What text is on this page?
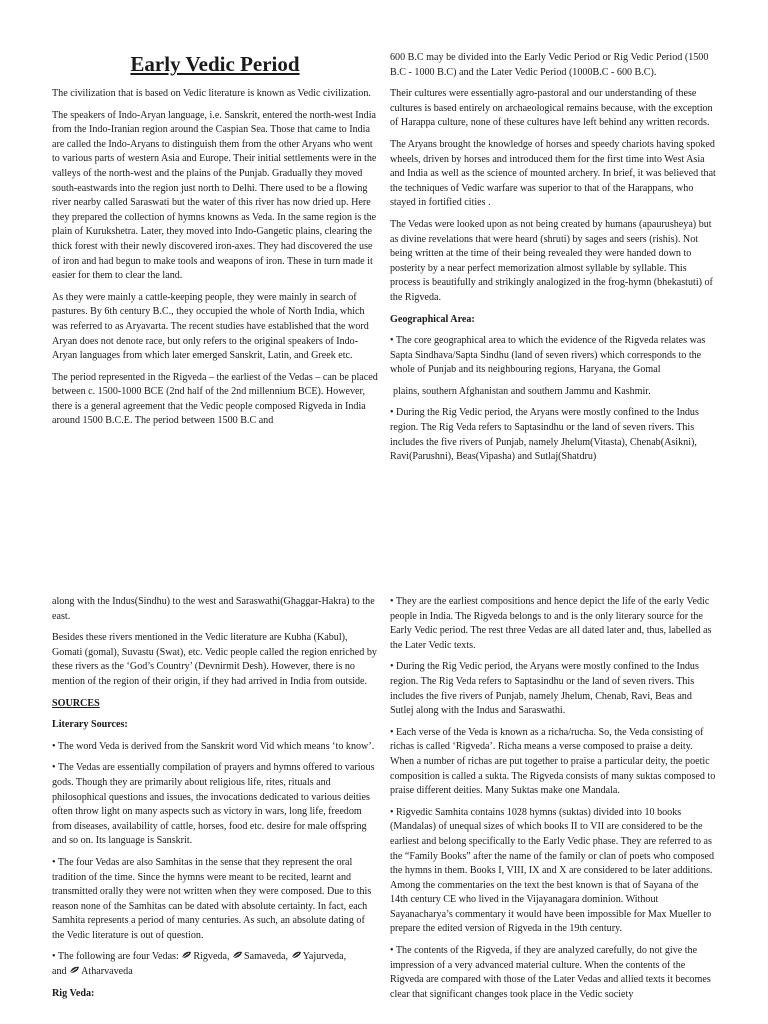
Early Vedic Period

The civilization that is based on Vedic literature is known as Vedic civilization.

The speakers of Indo-Aryan language, i.e. Sanskrit, entered the north-west India from the Indo-Iranian region around the Caspian Sea. Those that came to India are called the Indo-Aryans to distinguish them from the other Aryans who went to various parts of western Asia and Europe. Their initial settlements were in the valleys of the north-west and the plains of the Punjab. Gradually they moved south-eastwards into the region just north to Delhi. There used to be a flowing river nearby called Saraswati but the water of this river has now dried up. Here they prepared the collection of hymns knowns as Veda. In the same region is the plain of Kurukshetra. Later, they moved into Indo-Gangetic plains, clearing the thick forest with their newly discovered iron-axes. They had discovered the use of iron and had begun to make tools and weapons of iron. These in turn made it easier for them to clear the land.

As they were mainly a cattle-keeping people, they were mainly in search of pastures. By 6th century B.C., they occupied the whole of North India, which was referred to as Aryavarta. The recent studies have established that the word Aryan does not denote race, but only refers to the original speakers of Indo-Aryan languages from which later emerged Sanskrit, Latin, and Greek etc.

The period represented in the Rigveda – the earliest of the Vedas – can be placed between c. 1500-1000 BCE (2nd half of the 2nd millennium BCE). However, there is a general agreement that the Vedic people composed Rigveda in India around 1500 B.C.E. The period between 1500 B.C and

600 B.C may be divided into the Early Vedic Period or Rig Vedic Period (1500 B.C - 1000 B.C) and the Later Vedic Period (1000B.C - 600 B.C).

Their cultures were essentially agro-pastoral and our understanding of these cultures is based entirely on archaeological remains because, with the exception of Harappa culture, none of these cultures have left behind any written records.

The Aryans brought the knowledge of horses and speedy chariots having spoked wheels, driven by horses and introduced them for the first time into West Asia and India as well as the science of mounted archery. In brief, it was believed that the techniques of Vedic warfare was superior to that of the Harappans, who stayed in fortified cities .

The Vedas were looked upon as not being created by humans (apaurusheya) but as divine revelations that were heard (shruti) by sages and seers (rishis). Not being written at the time of their being revealed they were handed down to posterity by a near perfect memorization almost syllable by syllable. This process is beautifully and strikingly analogized in the frog-hymn (bhekastuti) of the Rigveda.

Geographical Area:

• The core geographical area to which the evidence of the Rigveda relates was Sapta Sindhava/Sapta Sindhu (land of seven rivers) which corresponds to the whole of Punjab and its neighbouring regions, Haryana, the Gomal

plains, southern Afghanistan and southern Jammu and Kashmir.

• During the Rig Vedic period, the Aryans were mostly confined to the Indus region. The Rig Veda refers to Saptasindhu or the land of seven rivers. This includes the five rivers of Punjab, namely Jhelum(Vitasta), Chenab(Asikni), Ravi(Parushni), Beas(Vipasha) and Sutlaj(Shatdru)

along with the Indus(Sindhu) to the west and Saraswathi(Ghaggar-Hakra) to the east.

Besides these rivers mentioned in the Vedic literature are Kubha (Kabul), Gomati (gomal), Suvastu (Swat), etc. Vedic people called the region enriched by these rivers as the ‘God’s Country’ (Devnirmit Desh). However, there is no mention of the region of their origin, if they had arrived in India from outside.

SOURCES

Literary Sources:

• The word Veda is derived from the Sanskrit word Vid which means ‘to know’.

• The Vedas are essentially compilation of prayers and hymns offered to various gods. Though they are primarily about religious life, rites, rituals and philosophical questions and issues, the invocations dedicated to various deities often throw light on many aspects such as victory in wars, long life, freedom from diseases, availability of cattle, horses, food etc. desire for male offspring and so on. Its language is Sanskrit.

• The four Vedas are also Samhitas in the sense that they represent the oral tradition of the time. Since the hymns were meant to be recited, learnt and transmitted orally they were not written when they were composed. Due to this reason none of the Samhitas can be dated with absolute certainty. In fact, each Samhita represents a period of many centuries. As such, an absolute dating of the Vedic literature is out of question.

• The following are four Vedas:
Rigveda, Samaveda, Yajurveda,
and
Atharvaveda

Rig Veda:

• They are the earliest compositions and hence depict the life of the early Vedic people in India. The Rigveda belongs to and is the only literary source for the Early Vedic period. The rest three Vedas are all dated later and, thus, labelled as the Later Vedic texts.

• During the Rig Vedic period, the Aryans were mostly confined to the Indus region. The Rig Veda refers to Saptasindhu or the land of seven rivers. This includes the five rivers of Punjab, namely Jhelum, Chenab, Ravi, Beas and Sutlej along with the Indus and Saraswathi.

• Each verse of the Veda is known as a richa/rucha. So, the Veda consisting of richas is called ‘Rigveda’. Richa means a verse composed to praise a deity. When a number of richas are put together to praise a particular deity, the poetic composition is called a sukta. The Rigveda consists of many suktas composed to praise different deities. Many Suktas make one Mandala.

• Rigvedic Samhita contains 1028 hymns (suktas) divided into 10 books (Mandalas) of unequal sizes of which books II to VII are considered to be the earliest and belong specifically to the Early Vedic phase. They are referred to as the “Family Books” after the name of the family or clan of poets who composed the hymns in them. Books I, VIII, IX and X are considered to be later additions. Among the commentaries on the text the best known is that of Sayana of the 14th century CE who lived in the Vijayanagara dominion. Without Sayanacharya’s commentary it would have been impossible for Max Mueller to prepare the edited version of Rigveda in the 19th century.

• The contents of the Rigveda, if they are analyzed carefully, do not give the impression of a very advanced material culture. When the contents of the Rigveda are compared with those of the Later Vedas and allied texts it becomes clear that significant changes took place in the Vedic society
